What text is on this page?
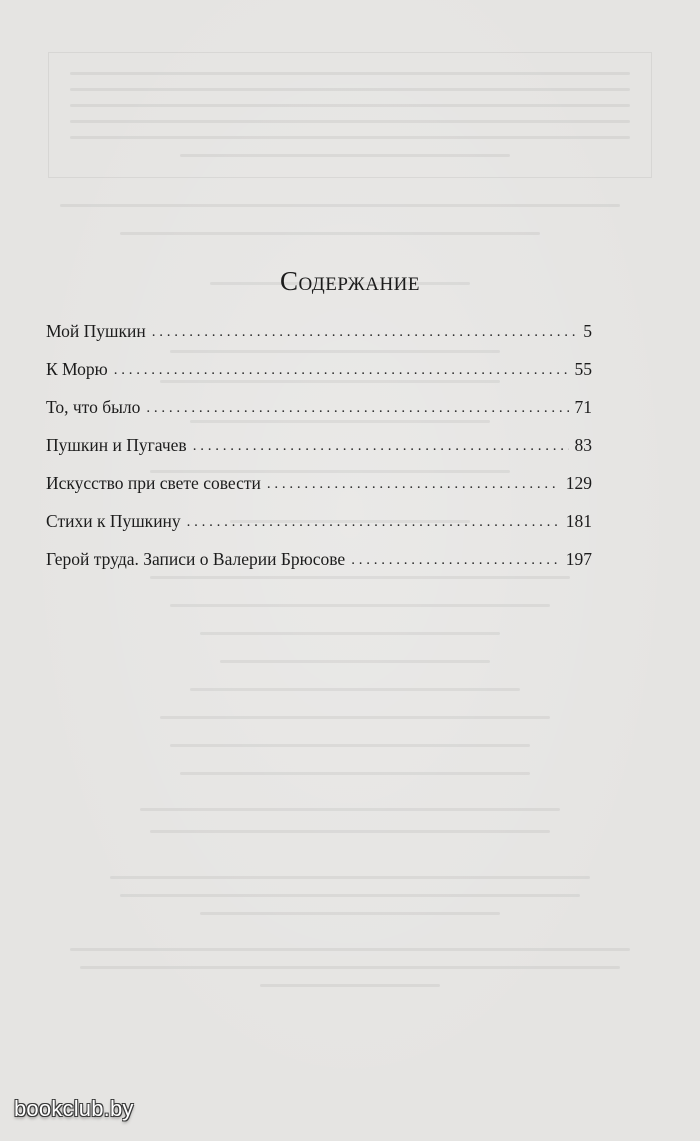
Содержание
Мой Пушкин . . .	5
К Морю . . .	55
То, что было . . .	71
Пушкин и Пугачев . . .	83
Искусство при свете совести . . .	129
Стихи к Пушкину . . .	181
Герой труда. Записи о Валерии Брюсове . . .	197
bookclub.by
